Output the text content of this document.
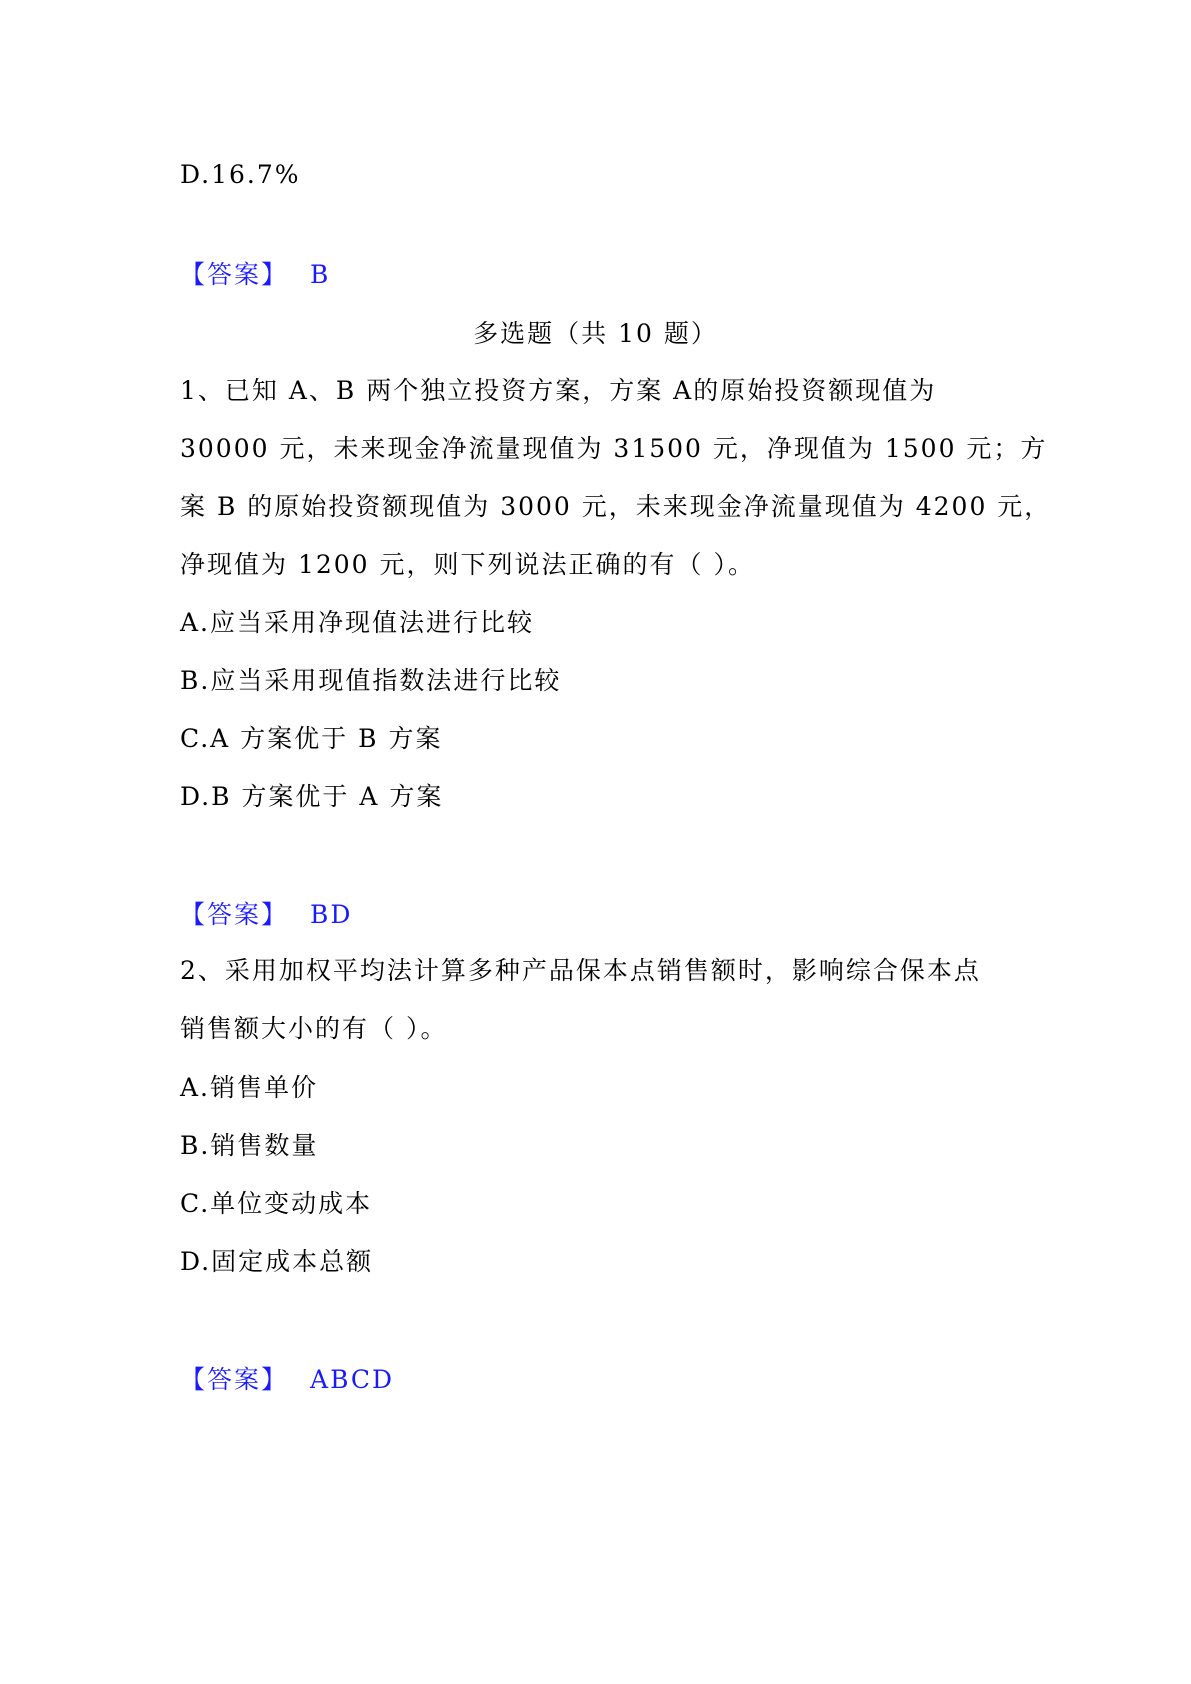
D.16.7%
【答案】 B
多选题（共 10 题）
1、已知 A、B 两个独立投资方案，方案 A的原始投资额现值为
30000 元，未来现金净流量现值为 31500 元，净现值为 1500 元；方
案 B 的原始投资额现值为 3000 元，未来现金净流量现值为 4200 元，
净现值为 1200 元，则下列说法正确的有（ ）。
A.应当采用净现值法进行比较
B.应当采用现值指数法进行比较
C.A 方案优于 B 方案
D.B 方案优于 A 方案
【答案】 BD
2、采用加权平均法计算多种产品保本点销售额时，影响综合保本点
销售额大小的有（ ）。
A.销售单价
B.销售数量
C.单位变动成本
D.固定成本总额
【答案】 ABCD
